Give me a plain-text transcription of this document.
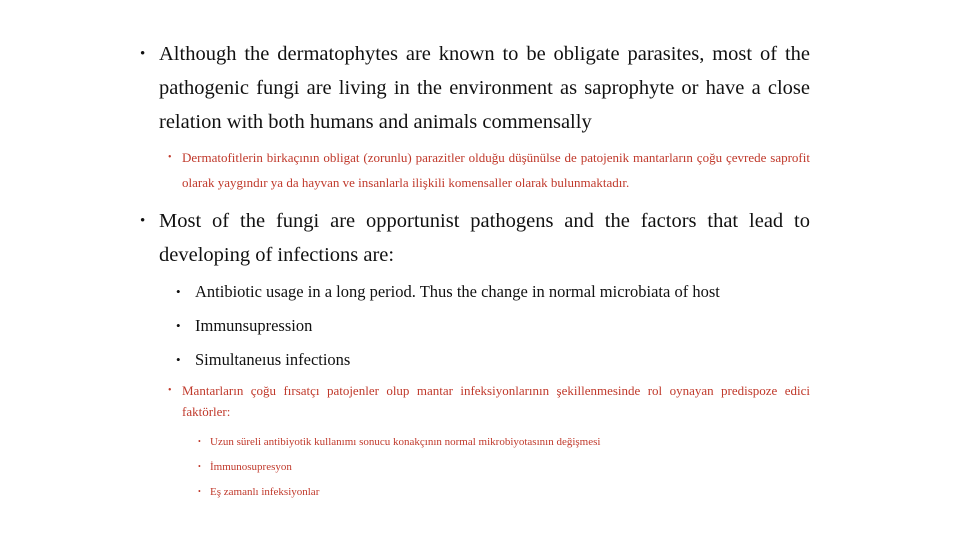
• Although the dermatophytes are known to be obligate parasites, most of the pathogenic fungi are living in the environment as saprophyte or have a close relation with both humans and animals commensally
• Dermatofitlerin birkaçının obligat (zorunlu) parazitler olduğu düşünülse de patojenik mantarların çoğu çevrede saprofit olarak yaygındır ya da hayvan ve insanlarla ilişkili komensaller olarak bulunmaktadır.
• Most of the fungi are opportunist pathogens and the factors that lead to developing of infections are:
• Antibiotic usage in a long period. Thus the change in normal microbiata of host
• Immunsupression
• Simultaneıus infections
• Mantarların çoğu fırsatçı patojenler olup mantar infeksiyonlarının şekillenmesinde rol oynayan predispoze edici faktörler:
• Uzun süreli antibiyotik kullanımı sonucu konakçının normal mikrobiyotasının değişmesi
• İmmunosupresyon
• Eş zamanlı infeksiyonlar
